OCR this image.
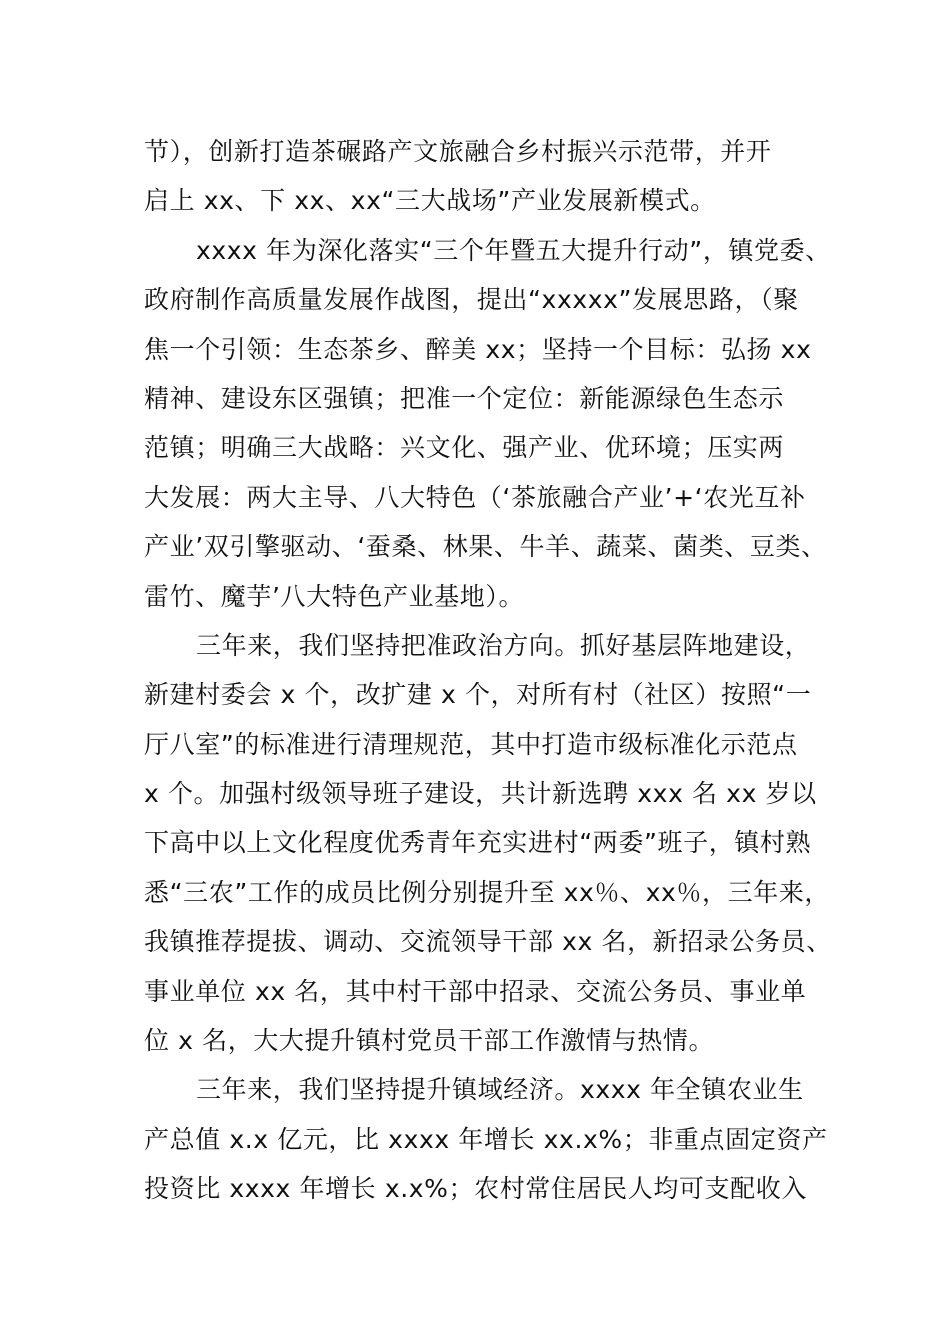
节），创新打造茶碾路产文旅融合乡村振兴示范带，并开
启上 xx、下 xx、xx“三大战场”产业发展新模式。
xxxx 年为深化落实“三个年暨五大提升行动”，镇党委、
政府制作高质量发展作战图，提出“xxxxx”发展思路，（聚
焦一个引领：生态茶乡、醉美 xx；坚持一个目标：弘扬 xx
精神、建设东区强镇；把准一个定位：新能源绿色生态示
范镇；明确三大战略：兴文化、强产业、优环境；压实两
大发展：两大主导、八大特色（‘茶旅融合产业’+‘农光互补
产业’双引擎驱动、‘蚕桑、林果、牛羊、蔬菜、菌类、豆类、
雷竹、魔芋’八大特色产业基地）。
三年来，我们坚持把准政治方向。抓好基层阵地建设，
新建村委会 x 个，改扩建 x 个，对所有村（社区）按照“一
厅八室”的标准进行清理规范，其中打造市级标准化示范点
x 个。加强村级领导班子建设，共计新选聘 xxx 名 xx 岁以
下高中以上文化程度优秀青年充实进村“两委”班子，镇村熟
悉“三农”工作的成员比例分别提升至 xx％、xx％，三年来，
我镇推荐提拔、调动、交流领导干部 xx 名，新招录公务员、
事业单位 xx 名，其中村干部中招录、交流公务员、事业单
位 x 名，大大提升镇村党员干部工作激情与热情。
三年来，我们坚持提升镇域经济。xxxx 年全镇农业生
产总值 x.x 亿元，比 xxxx 年增长 xx.x%；非重点固定资产
投资比 xxxx 年增长 x.x%；农村常住居民人均可支配收入
